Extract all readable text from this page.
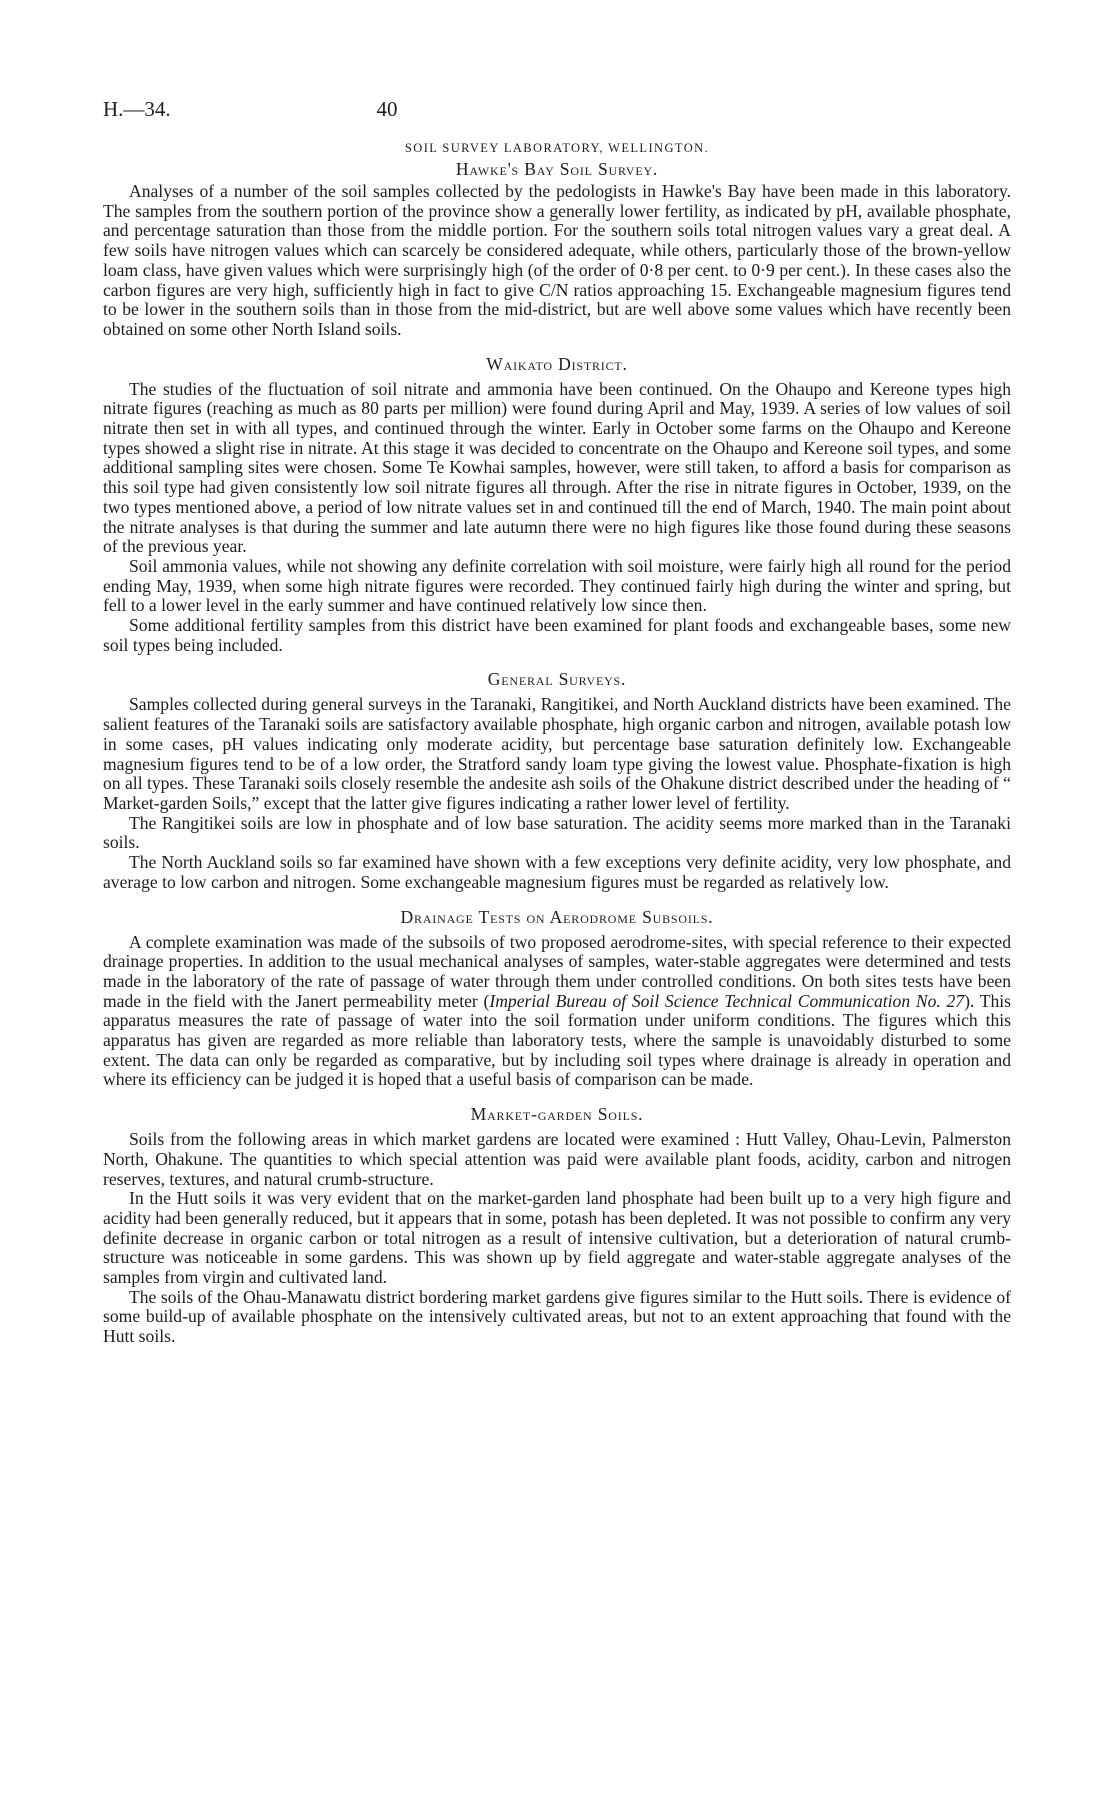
H.—34.	40
SOIL SURVEY LABORATORY, WELLINGTON.
Hawke's Bay Soil Survey.

Analyses of a number of the soil samples collected by the pedologists in Hawke's Bay have been made in this laboratory. The samples from the southern portion of the province show a generally lower fertility, as indicated by pH, available phosphate, and percentage saturation than those from the middle portion. For the southern soils total nitrogen values vary a great deal. A few soils have nitrogen values which can scarcely be considered adequate, while others, particularly those of the brown-yellow loam class, have given values which were surprisingly high (of the order of 0·8 per cent. to 0·9 per cent.). In these cases also the carbon figures are very high, sufficiently high in fact to give C/N ratios approaching 15. Exchangeable magnesium figures tend to be lower in the southern soils than in those from the mid-district, but are well above some values which have recently been obtained on some other North Island soils.

Waikato District.

The studies of the fluctuation of soil nitrate and ammonia have been continued. On the Ohaupo and Kereone types high nitrate figures (reaching as much as 80 parts per million) were found during April and May, 1939. A series of low values of soil nitrate then set in with all types, and continued through the winter. Early in October some farms on the Ohaupo and Kereone types showed a slight rise in nitrate. At this stage it was decided to concentrate on the Ohaupo and Kereone soil types, and some additional sampling sites were chosen. Some Te Kowhai samples, however, were still taken, to afford a basis for comparison as this soil type had given consistently low soil nitrate figures all through. After the rise in nitrate figures in October, 1939, on the two types mentioned above, a period of low nitrate values set in and continued till the end of March, 1940. The main point about the nitrate analyses is that during the summer and late autumn there were no high figures like those found during these seasons of the previous year.

Soil ammonia values, while not showing any definite correlation with soil moisture, were fairly high all round for the period ending May, 1939, when some high nitrate figures were recorded. They continued fairly high during the winter and spring, but fell to a lower level in the early summer and have continued relatively low since then.

Some additional fertility samples from this district have been examined for plant foods and exchangeable bases, some new soil types being included.

General Surveys.

Samples collected during general surveys in the Taranaki, Rangitikei, and North Auckland districts have been examined. The salient features of the Taranaki soils are satisfactory available phosphate, high organic carbon and nitrogen, available potash low in some cases, pH values indicating only moderate acidity, but percentage base saturation definitely low. Exchangeable magnesium figures tend to be of a low order, the Stratford sandy loam type giving the lowest value. Phosphate-fixation is high on all types. These Taranaki soils closely resemble the andesite ash soils of the Ohakune district described under the heading of “ Market-garden Soils,” except that the latter give figures indicating a rather lower level of fertility.

The Rangitikei soils are low in phosphate and of low base saturation. The acidity seems more marked than in the Taranaki soils.

The North Auckland soils so far examined have shown with a few exceptions very definite acidity, very low phosphate, and average to low carbon and nitrogen. Some exchangeable magnesium figures must be regarded as relatively low.

Drainage Tests on Aerodrome Subsoils.

A complete examination was made of the subsoils of two proposed aerodrome-sites, with special reference to their expected drainage properties. In addition to the usual mechanical analyses of samples, water-stable aggregates were determined and tests made in the laboratory of the rate of passage of water through them under controlled conditions. On both sites tests have been made in the field with the Janert permeability meter (Imperial Bureau of Soil Science Technical Communication No. 27). This apparatus measures the rate of passage of water into the soil formation under uniform conditions. The figures which this apparatus has given are regarded as more reliable than laboratory tests, where the sample is unavoidably disturbed to some extent. The data can only be regarded as comparative, but by including soil types where drainage is already in operation and where its efficiency can be judged it is hoped that a useful basis of comparison can be made.

Market-garden Soils.

Soils from the following areas in which market gardens are located were examined : Hutt Valley, Ohau-Levin, Palmerston North, Ohakune. The quantities to which special attention was paid were available plant foods, acidity, carbon and nitrogen reserves, textures, and natural crumb-structure.

In the Hutt soils it was very evident that on the market-garden land phosphate had been built up to a very high figure and acidity had been generally reduced, but it appears that in some, potash has been depleted. It was not possible to confirm any very definite decrease in organic carbon or total nitrogen as a result of intensive cultivation, but a deterioration of natural crumb-structure was noticeable in some gardens. This was shown up by field aggregate and water-stable aggregate analyses of the samples from virgin and cultivated land.

The soils of the Ohau-Manawatu district bordering market gardens give figures similar to the Hutt soils. There is evidence of some build-up of available phosphate on the intensively cultivated areas, but not to an extent approaching that found with the Hutt soils.
